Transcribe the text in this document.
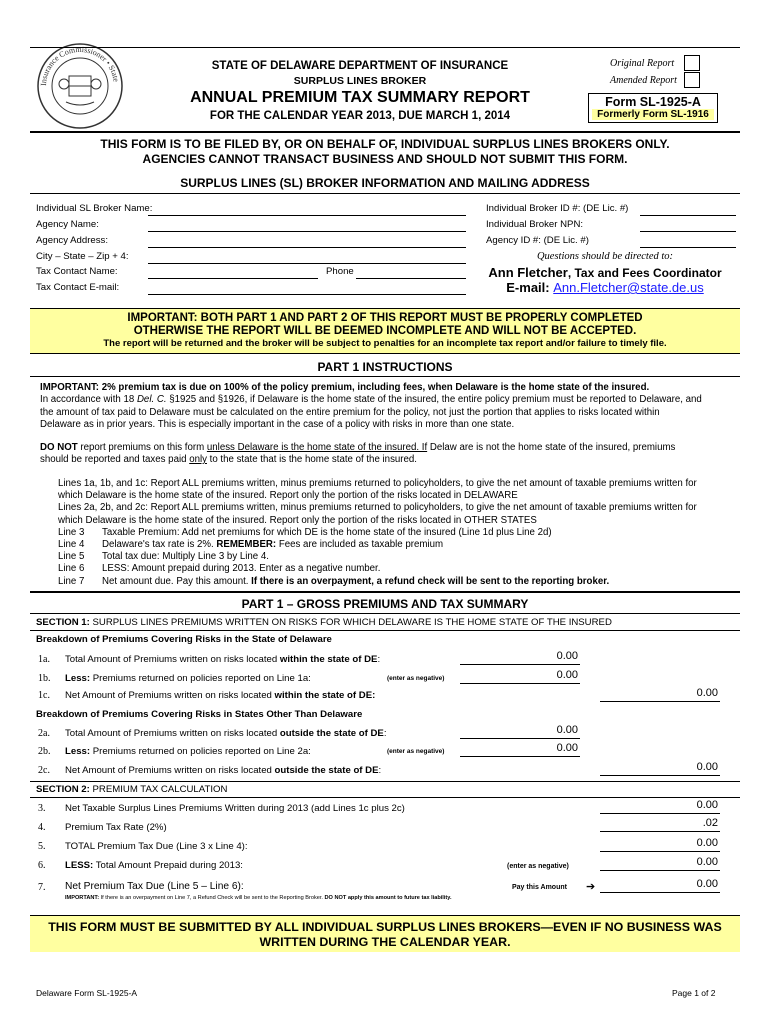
Insurance Commissioner • State
STATE OF DELAWARE DEPARTMENT OF INSURANCE
SURPLUS LINES BROKER
ANNUAL PREMIUM TAX SUMMARY REPORT
FOR THE CALENDAR YEAR 2013, DUE MARCH 1, 2014
Original Report
Amended Report
Form SL-1925-A
Formerly Form SL-1916
THIS FORM IS TO BE FILED BY, OR ON BEHALF OF, INDIVIDUAL SURPLUS LINES BROKERS ONLY.
AGENCIES CANNOT TRANSACT BUSINESS AND SHOULD NOT SUBMIT THIS FORM.
SURPLUS LINES (SL) BROKER INFORMATION AND MAILING ADDRESS
Individual SL Broker Name:
Agency Name:
Agency Address:
City – State – Zip + 4:
Tax Contact Name:	Phone
Tax Contact E-mail:
Individual Broker ID #: (DE Lic. #)
Individual Broker NPN:
Agency ID #: (DE Lic. #)
Questions should be directed to:
Ann Fletcher, Tax and Fees Coordinator
E-mail: Ann.Fletcher@state.de.us
IMPORTANT: BOTH PART 1 AND PART 2 OF THIS REPORT MUST BE PROPERLY COMPLETED
OTHERWISE THE REPORT WILL BE DEEMED INCOMPLETE AND WILL NOT BE ACCEPTED.
The report will be returned and the broker will be subject to penalties for an incomplete tax report and/or failure to timely file.
PART 1 INSTRUCTIONS
IMPORTANT: 2% premium tax is due on 100% of the policy premium, including fees, when Delaware is the home state of the insured.
In accordance with 18 Del. C. §1925 and §1926, if Delaware is the home state of the insured, the entire policy premium must be reported to Delaware, and
the amount of tax paid to Delaware must be calculated on the entire premium for the policy, not just the portion that applies to risks located within
Delaware as in prior years. This is especially important in the case of a policy with risks in more than one state.
DO NOT report premiums on this form unless Delaware is the home state of the insured. If Delaw are is not the home state of the insured, premiums
should be reported and taxes paid only to the state that is the home state of the insured.
Lines 1a, 1b, and 1c: Report ALL premiums written, minus premiums returned to policyholders, to give the net amount of taxable premiums written for
which Delaware is the home state of the insured. Report only the portion of the risks located in DELAWARE
Lines 2a, 2b, and 2c: Report ALL premiums written, minus premiums returned to policyholders, to give the net amount of taxable premiums written for
which Delaware is the home state of the insured. Report only the portion of the risks located in OTHER STATES
Line 3 Taxable Premium: Add net premiums for which DE is the home state of the insured (Line 1d plus Line 2d)
Line 4 Delaware's tax rate is 2%. REMEMBER: Fees are included as taxable premium
Line 5 Total tax due: Multiply Line 3 by Line 4.
Line 6 LESS: Amount prepaid during 2013. Enter as a negative number.
Line 7 Net amount due. Pay this amount. If there is an overpayment, a refund check will be sent to the reporting broker.
PART 1 – GROSS PREMIUMS AND TAX SUMMARY
SECTION 1: SURPLUS LINES PREMIUMS WRITTEN ON RISKS FOR WHICH DELAWARE IS THE HOME STATE OF THE INSURED
Breakdown of Premiums Covering Risks in the State of Delaware
1a. Total Amount of Premiums written on risks located within the state of DE:	0.00
1b. Less: Premiums returned on policies reported on Line 1a:	(enter as negative)	0.00
1c. Net Amount of Premiums written on risks located within the state of DE:	0.00
Breakdown of Premiums Covering Risks in States Other Than Delaware
2a. Total Amount of Premiums written on risks located outside the state of DE:	0.00
2b. Less: Premiums returned on policies reported on Line 2a:	(enter as negative)	0.00
2c. Net Amount of Premiums written on risks located outside the state of DE:	0.00
SECTION 2: PREMIUM TAX CALCULATION
3. Net Taxable Surplus Lines Premiums Written during 2013 (add Lines 1c plus 2c)	0.00
4. Premium Tax Rate (2%)	.02
5. TOTAL Premium Tax Due (Line 3 x Line 4):	0.00
6. LESS: Total Amount Prepaid during 2013:	(enter as negative)	0.00
7. Net Premium Tax Due (Line 5 – Line 6):	Pay this Amount ➔	0.00
IMPORTANT: If there is an overpayment on Line 7, a Refund Check will be sent to the Reporting Broker. DO NOT apply this amount to future tax liability.
THIS FORM MUST BE SUBMITTED BY ALL INDIVIDUAL SURPLUS LINES BROKERS—EVEN IF NO BUSINESS WAS
WRITTEN DURING THE CALENDAR YEAR.
Delaware Form SL-1925-A	Page 1 of 2
